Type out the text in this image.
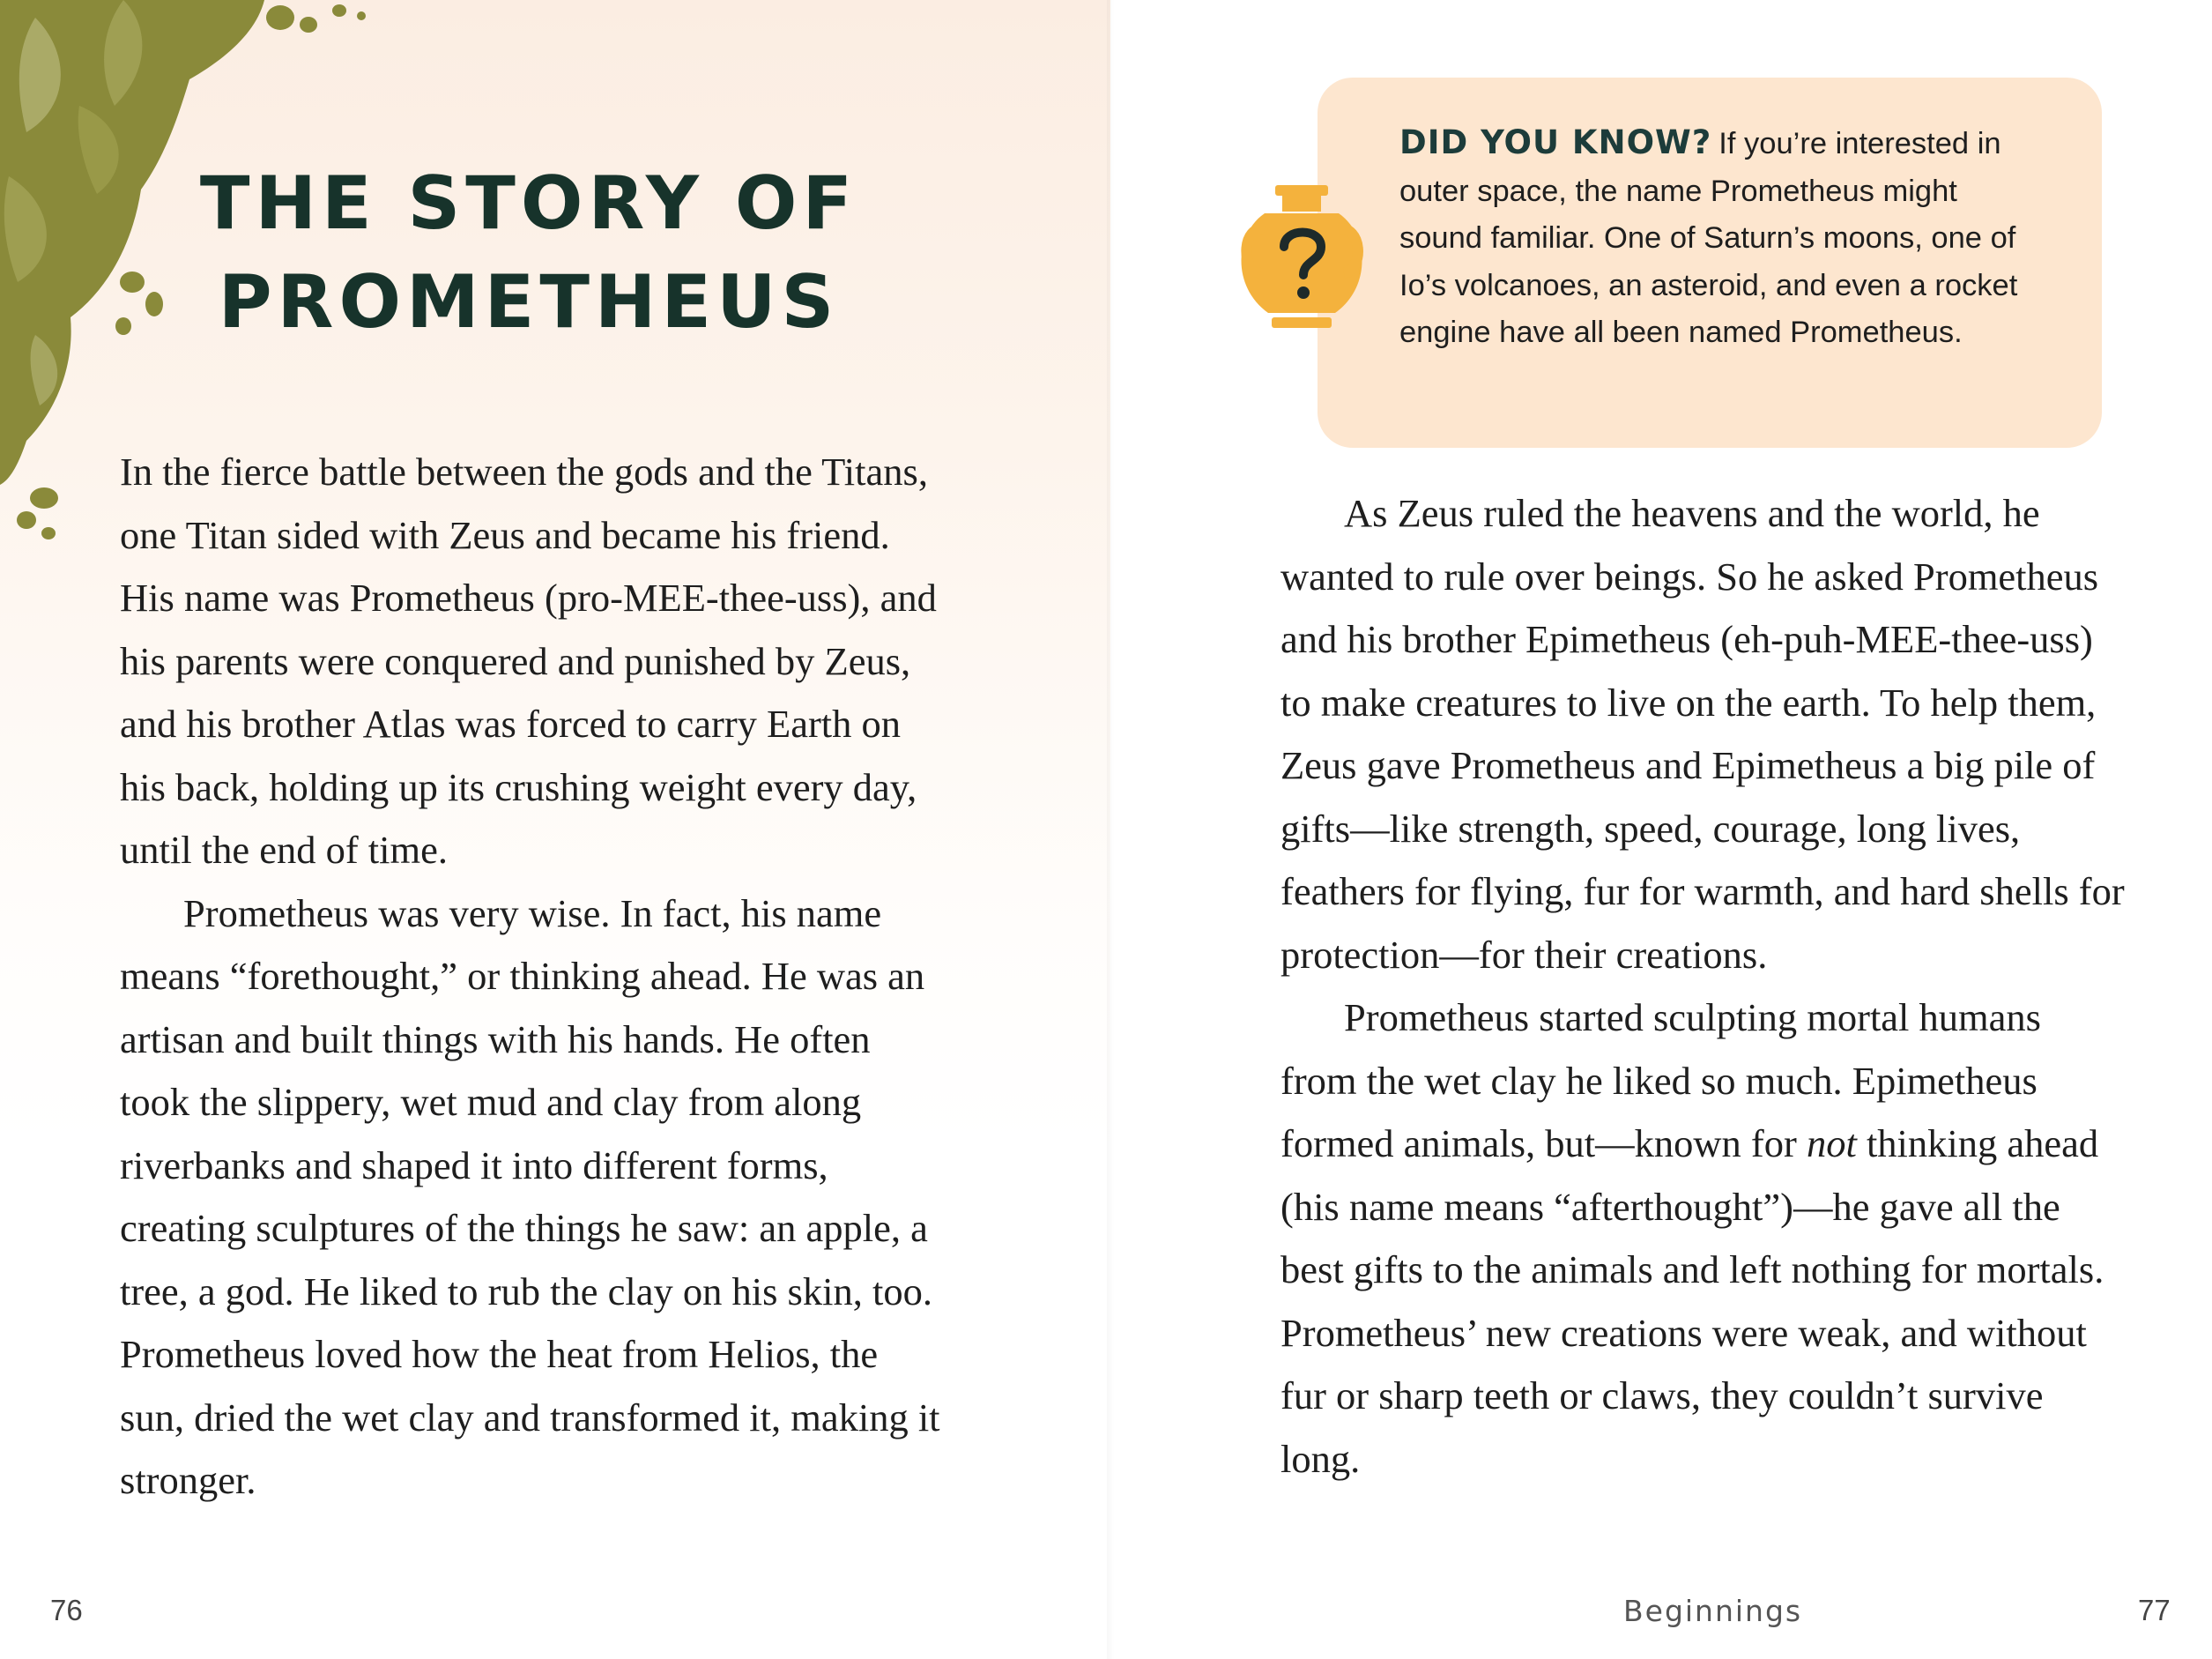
THE STORY OF
PROMETHEUS

In the fierce battle between the gods and the Titans, one Titan sided with Zeus and became his friend. His name was Prometheus (pro-MEE-thee-uss), and his parents were conquered and punished by Zeus, and his brother Atlas was forced to carry Earth on his back, holding up its crushing weight every day, until the end of time.

Prometheus was very wise. In fact, his name means “forethought,” or thinking ahead. He was an artisan and built things with his hands. He often took the slippery, wet mud and clay from along riverbanks and shaped it into different forms, creating sculptures of the things he saw: an apple, a tree, a god. He liked to rub the clay on his skin, too. Prometheus loved how the heat from Helios, the sun, dried the wet clay and transformed it, making it stronger.

DID YOU KNOW? If you’re interested in outer space, the name Prometheus might sound familiar. One of Saturn’s moons, one of Io’s volcanoes, an asteroid, and even a rocket engine have all been named Prometheus.

As Zeus ruled the heavens and the world, he wanted to rule over beings. So he asked Prometheus and his brother Epimetheus (eh-puh-MEE-thee-uss) to make creatures to live on the earth. To help them, Zeus gave Prometheus and Epimetheus a big pile of gifts—like strength, speed, courage, long lives, feathers for flying, fur for warmth, and hard shells for protection—for their creations.

Prometheus started sculpting mortal humans from the wet clay he liked so much. Epimetheus formed animals, but—known for not thinking ahead (his name means “afterthought”)—he gave all the best gifts to the animals and left nothing for mortals. Prometheus’ new creations were weak, and without fur or sharp teeth or claws, they couldn’t survive long.

76	Beginnings	77
